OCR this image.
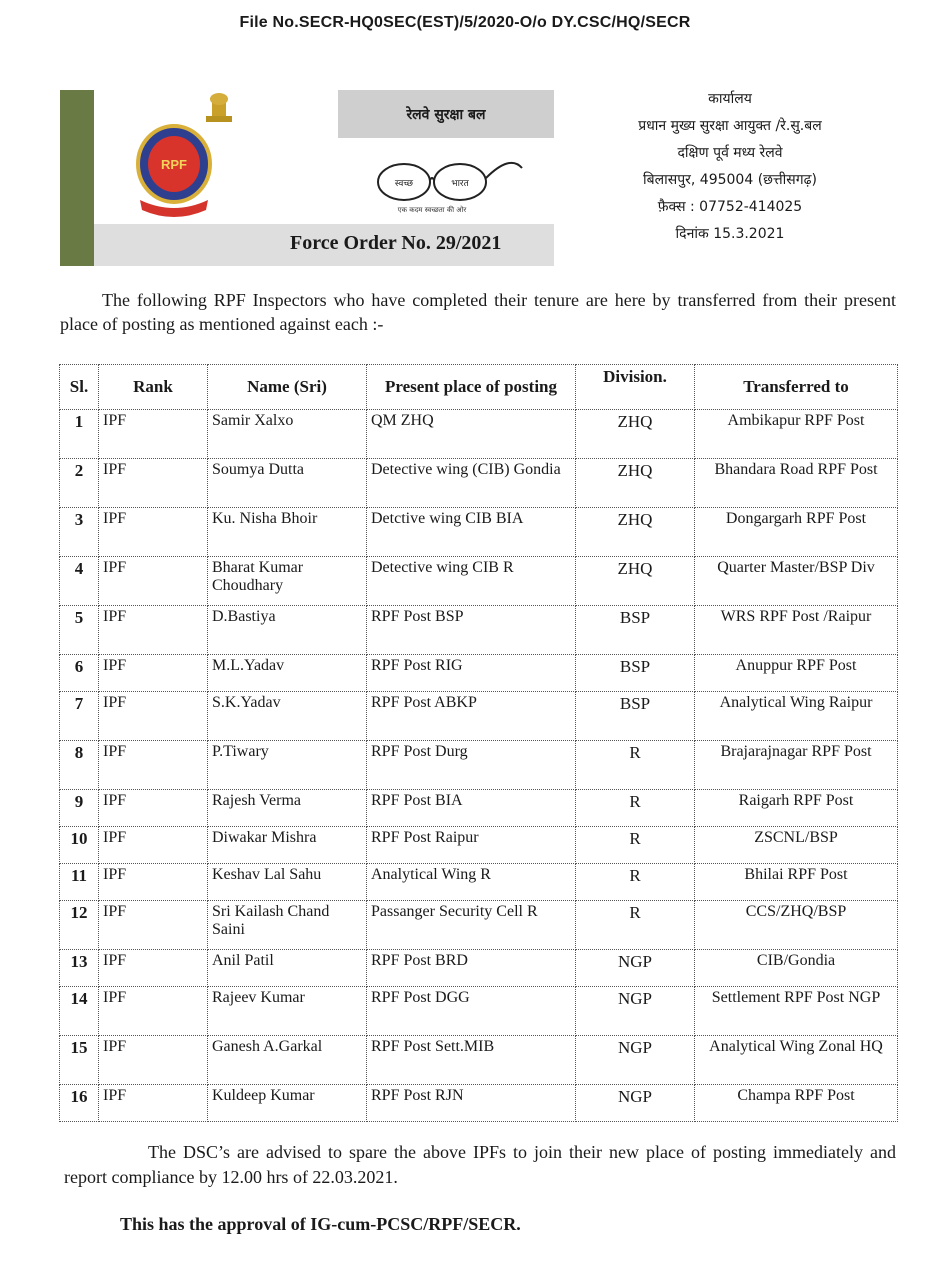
File No.SECR-HQ0SEC(EST)/5/2020-O/o DY.CSC/HQ/SECR
RPF
रेलवे सुरक्षा बल
स्वच्छ	भारत
एक कदम स्वच्छता की ओर
Force Order No. 29/2021
कार्यालय
प्रधान मुख्य सुरक्षा आयुक्त /रे.सु.बल
दक्षिण पूर्व मध्य रेलवे
बिलासपुर, 495004 (छत्तीसगढ़)
फ़ैक्स : 07752-414025
दिनांक 15.3.2021
The following RPF Inspectors who have completed their tenure are here by transferred from their present place of posting as mentioned against each :-
Sl.	Rank	Name (Sri)	Present place of posting	Division.	Transferred to
1	IPF	Samir Xalxo	QM ZHQ	ZHQ	Ambikapur RPF Post
2	IPF	Soumya Dutta	Detective wing (CIB) Gondia	ZHQ	Bhandara Road RPF Post
3	IPF	Ku. Nisha Bhoir	Detctive wing CIB BIA	ZHQ	Dongargarh RPF Post
4	IPF	Bharat Kumar Choudhary	Detective wing CIB R	ZHQ	Quarter Master/BSP Div
5	IPF	D.Bastiya	RPF Post BSP	BSP	WRS RPF Post /Raipur
6	IPF	M.L.Yadav	RPF Post RIG	BSP	Anuppur RPF Post
7	IPF	S.K.Yadav	RPF Post ABKP	BSP	Analytical Wing Raipur
8	IPF	P.Tiwary	RPF Post Durg	R	Brajarajnagar RPF Post
9	IPF	Rajesh Verma	RPF Post BIA	R	Raigarh RPF Post
10	IPF	Diwakar Mishra	RPF Post Raipur	R	ZSCNL/BSP
11	IPF	Keshav Lal Sahu	Analytical Wing R	R	Bhilai RPF Post
12	IPF	Sri Kailash Chand Saini	Passanger Security Cell R	R	CCS/ZHQ/BSP
13	IPF	Anil Patil	RPF Post BRD	NGP	CIB/Gondia
14	IPF	Rajeev Kumar	RPF Post DGG	NGP	Settlement RPF Post NGP
15	IPF	Ganesh A.Garkal	RPF Post Sett.MIB	NGP	Analytical Wing Zonal HQ
16	IPF	Kuldeep Kumar	RPF Post RJN	NGP	Champa RPF Post
The DSC’s are advised to spare the above IPFs to join their new place of posting immediately and report compliance by 12.00 hrs of 22.03.2021.
This has the approval of IG-cum-PCSC/RPF/SECR.
